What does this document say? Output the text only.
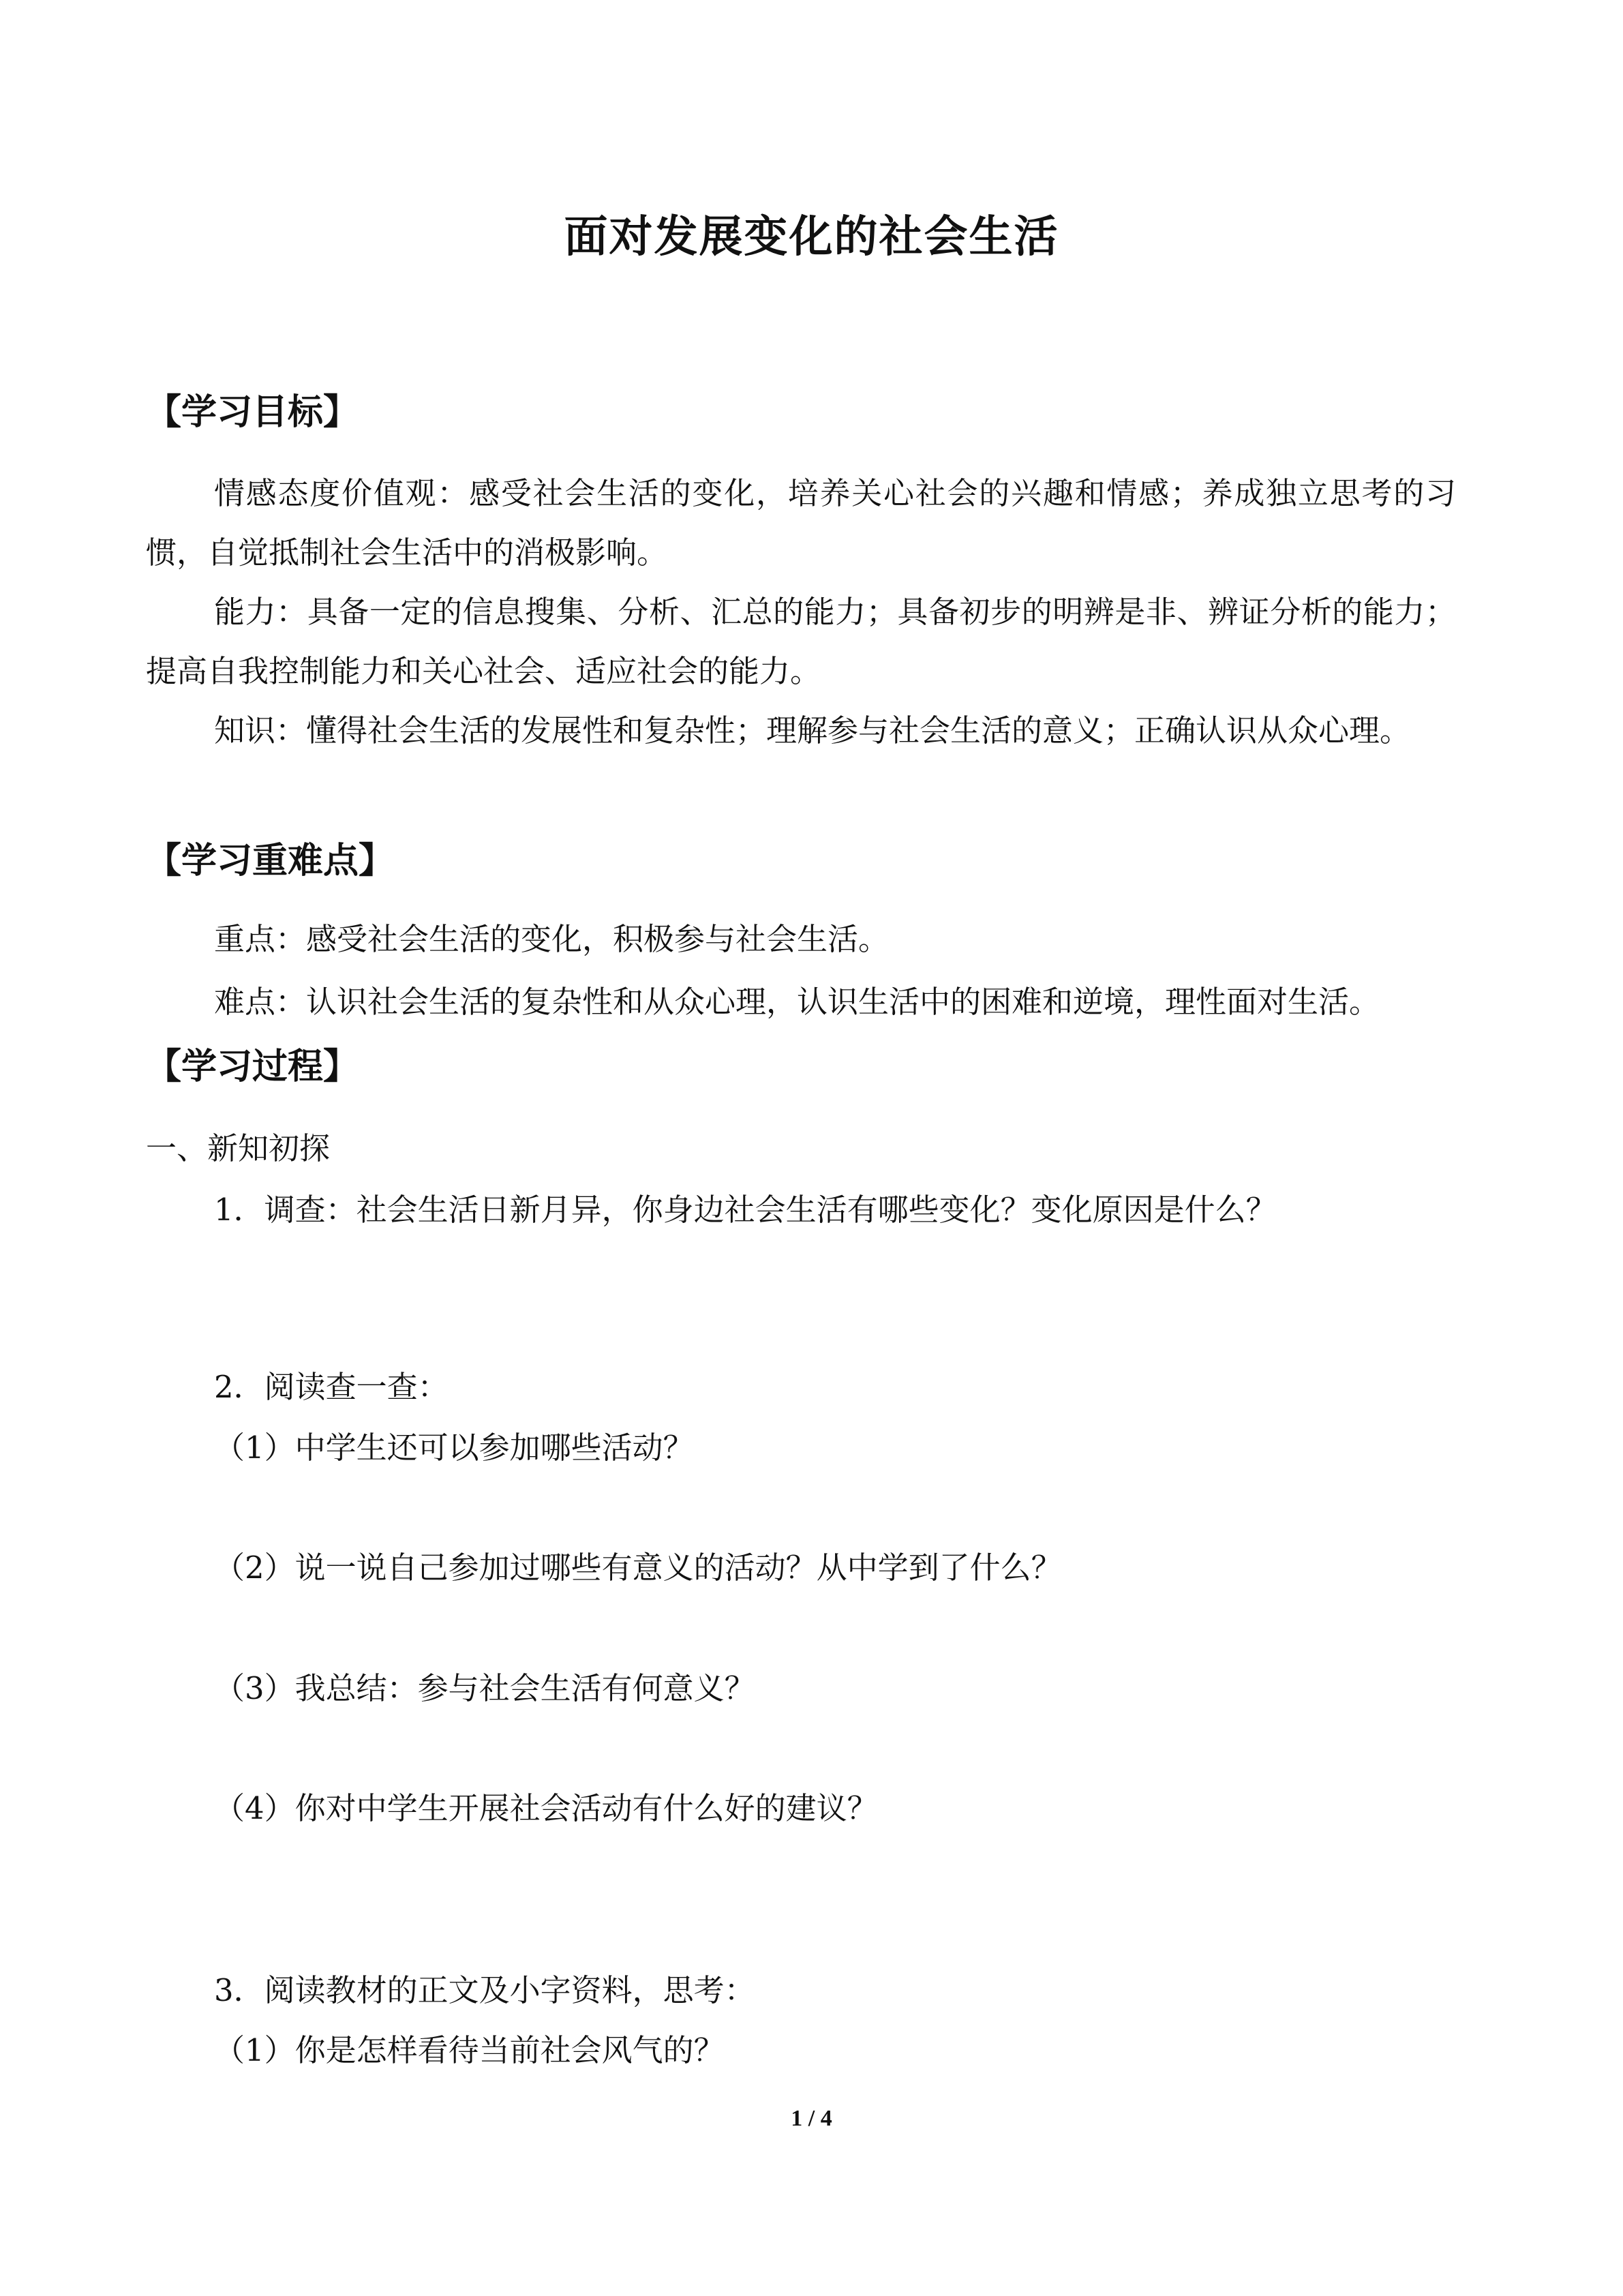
面对发展变化的社会生活
【学习目标】

情感态度价值观：感受社会生活的变化，培养关心社会的兴趣和情感；养成独立思考的习惯，自觉抵制社会生活中的消极影响。

能力：具备一定的信息搜集、分析、汇总的能力；具备初步的明辨是非、辨证分析的能力；提高自我控制能力和关心社会、适应社会的能力。

知识：懂得社会生活的发展性和复杂性；理解参与社会生活的意义；正确认识从众心理。

【学习重难点】
重点：感受社会生活的变化，积极参与社会生活。
难点：认识社会生活的复杂性和从众心理，认识生活中的困难和逆境，理性面对生活。
【学习过程】
一、新知初探
1．调查：社会生活日新月异，你身边社会生活有哪些变化？变化原因是什么？
2．阅读查一查：
（1）中学生还可以参加哪些活动？
（2）说一说自己参加过哪些有意义的活动？从中学到了什么？
（3）我总结：参与社会生活有何意义？
（4）你对中学生开展社会活动有什么好的建议？
3．阅读教材的正文及小字资料，思考：
（1）你是怎样看待当前社会风气的？
1 / 4
